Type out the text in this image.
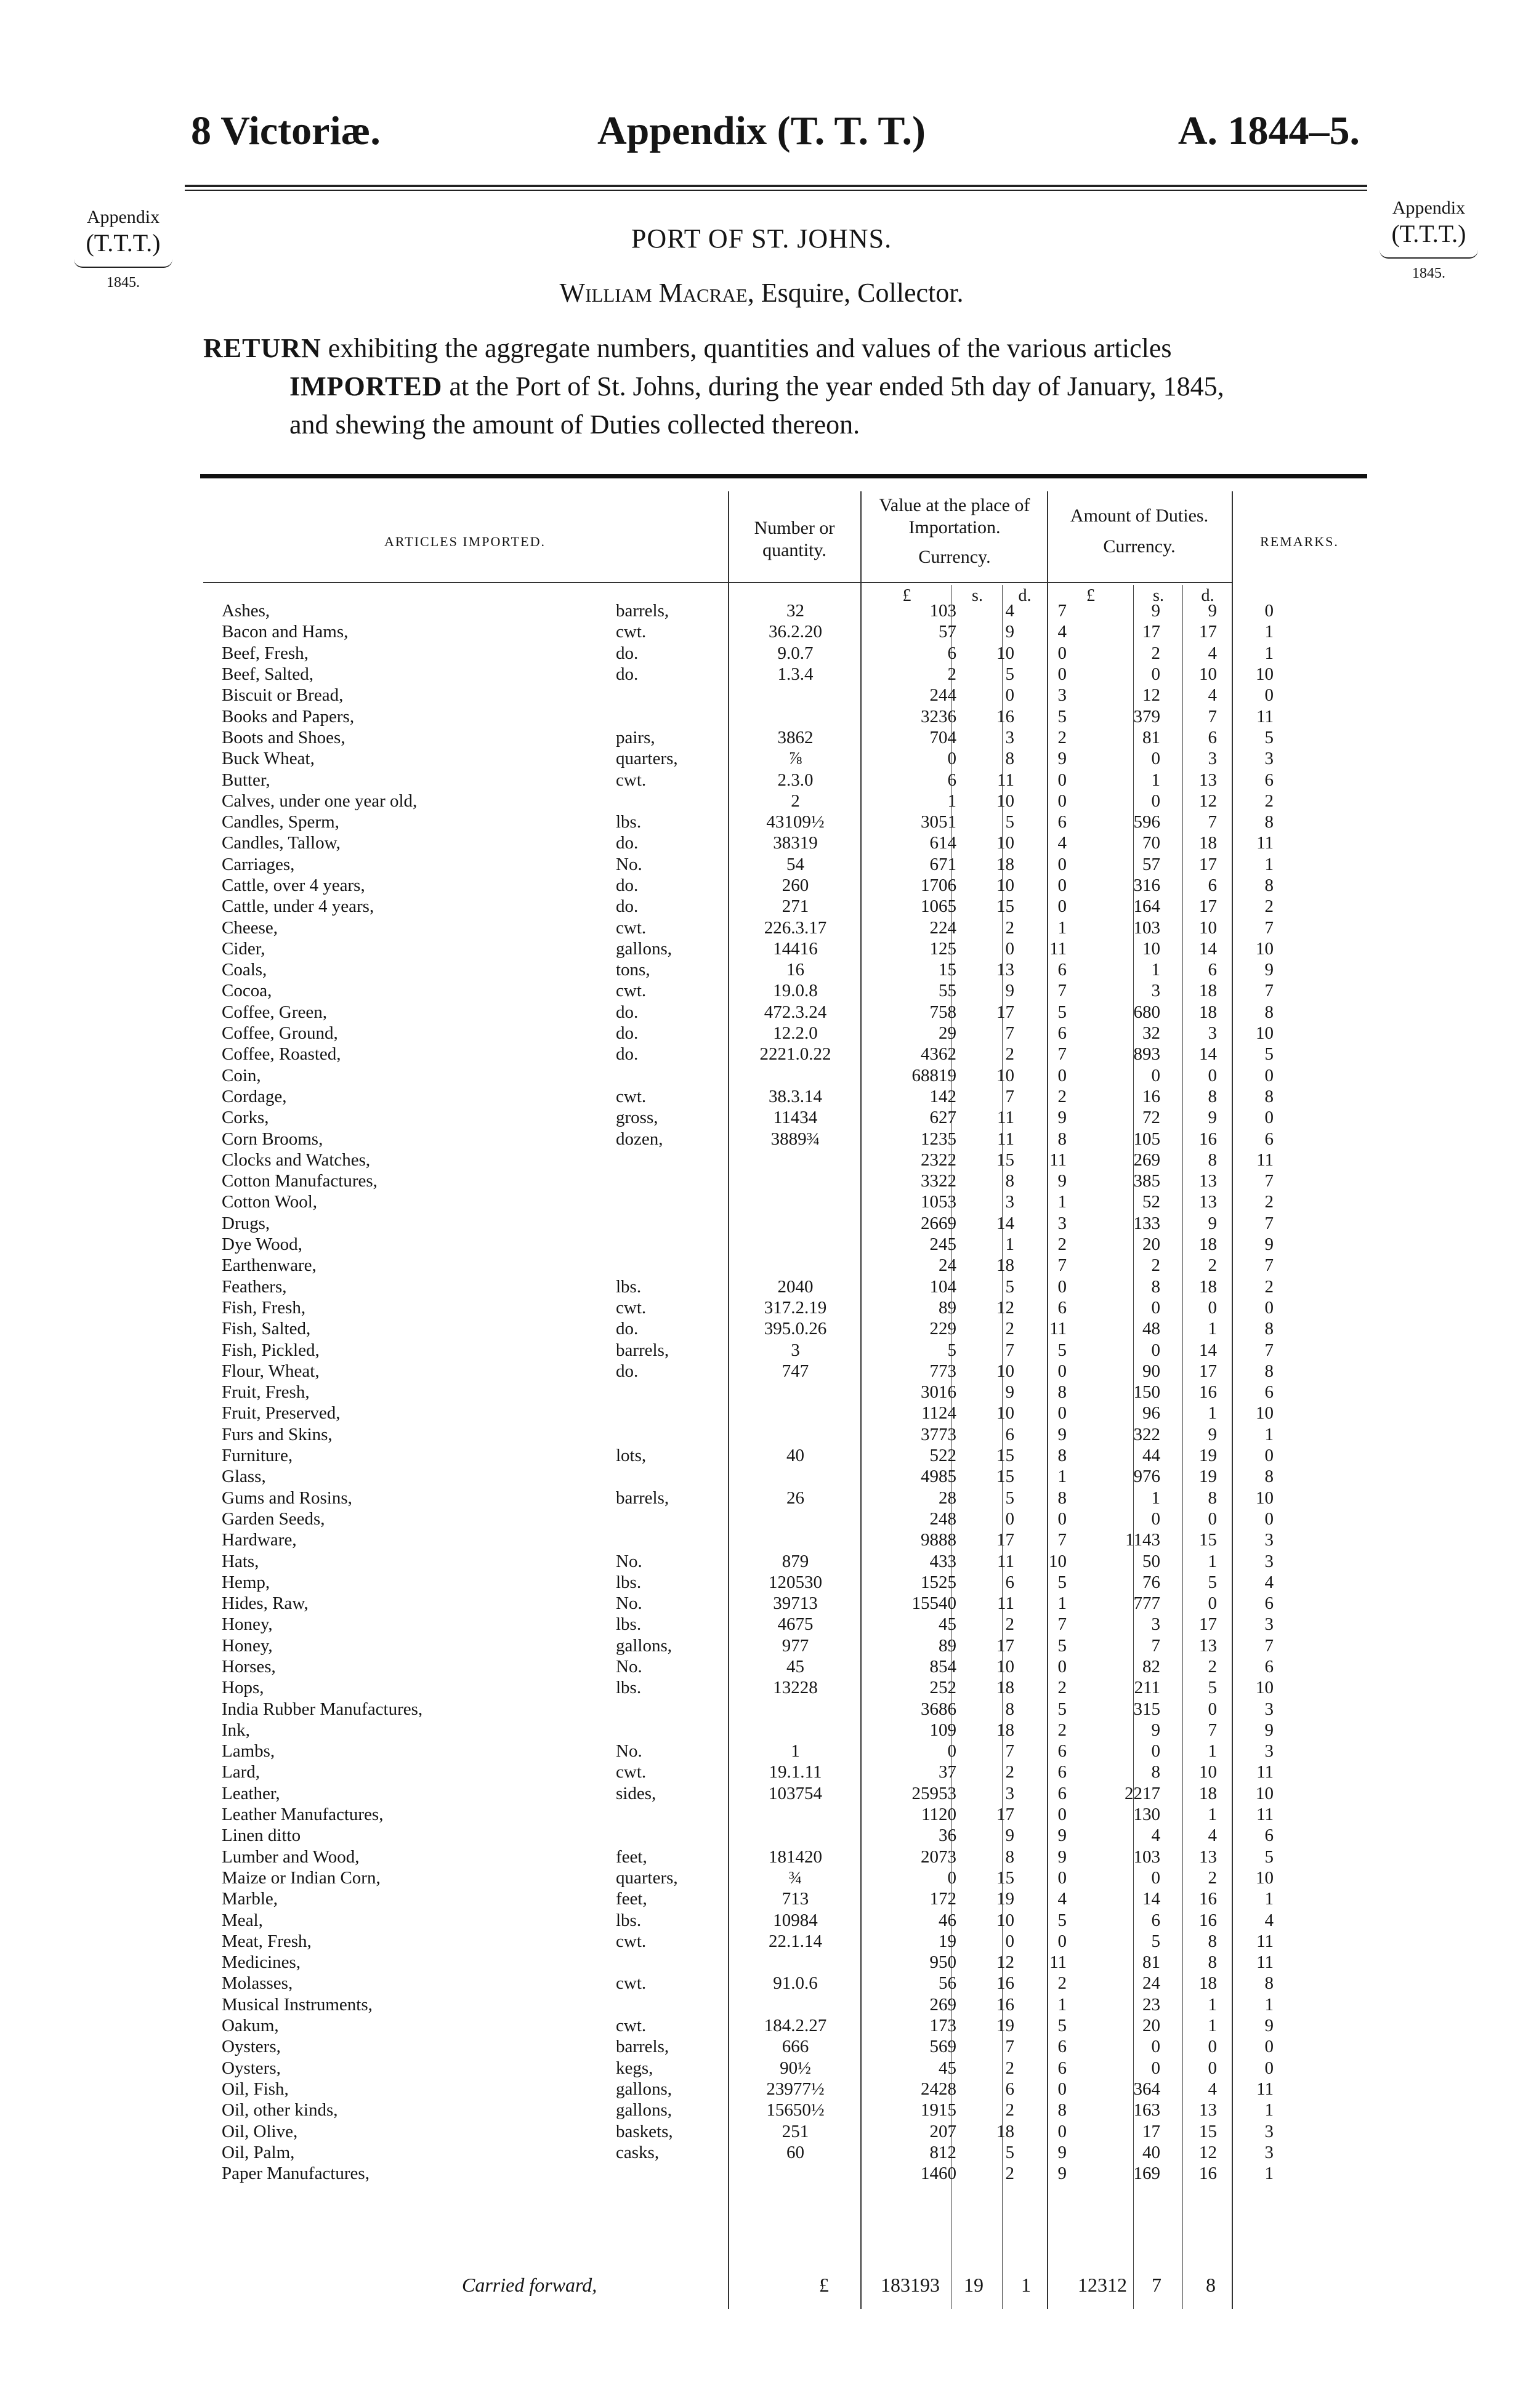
8 Victoriæ.	Appendix (T. T. T.)	A. 1844–5.
Appendix
(T.T.T.)
1845.
Appendix
(T.T.T.)
1845.
PORT OF ST. JOHNS.
William Macrae, Esquire, Collector.
RETURN exhibiting the aggregate numbers, quantities and values of the various articles
IMPORTED at the Port of St. Johns, during the year ended 5th day of January, 1845,
and shewing the amount of Duties collected thereon.
ARTICLES IMPORTED.
Number or quantity.
Value at the place of Importation.
Currency.
Amount of Duties.
Currency.	REMARKS.
£	s.	d.	£	s.	d.
Ashes,	barrels,	32	103	4	7	9	9	0
Bacon and Hams,	cwt.	36.2.20	57	9	4	17	17	1
Beef, Fresh,	do.	9.0.7	6	10	0	2	4	1
Beef, Salted,	do.	1.3.4	2	5	0	0	10	10
Biscuit or Bread,			244	0	3	12	4	0
Books and Papers,			3236	16	5	379	7	11
Boots and Shoes,	pairs,	3862	704	3	2	81	6	5
Buck Wheat,	quarters,	⅞	0	8	9	0	3	3
Butter,	cwt.	2.3.0	6	11	0	1	13	6
Calves, under one year old,		2	1	10	0	0	12	2
Candles, Sperm,	lbs.	43109½	3051	5	6	596	7	8
Candles, Tallow,	do.	38319	614	10	4	70	18	11
Carriages,	No.	54	671	18	0	57	17	1
Cattle, over 4 years,	do.	260	1706	10	0	316	6	8
Cattle, under 4 years,	do.	271	1065	15	0	164	17	2
Cheese,	cwt.	226.3.17	224	2	1	103	10	7
Cider,	gallons,	14416	125	0	11	10	14	10
Coals,	tons,	16	15	13	6	1	6	9
Cocoa,	cwt.	19.0.8	55	9	7	3	18	7
Coffee, Green,	do.	472.3.24	758	17	5	680	18	8
Coffee, Ground,	do.	12.2.0	29	7	6	32	3	10
Coffee, Roasted,	do.	2221.0.22	4362	2	7	893	14	5
Coin,			68819	10	0	0	0	0
Cordage,	cwt.	38.3.14	142	7	2	16	8	8
Corks,	gross,	11434	627	11	9	72	9	0
Corn Brooms,	dozen,	3889¾	1235	11	8	105	16	6
Clocks and Watches,			2322	15	11	269	8	11
Cotton Manufactures,			3322	8	9	385	13	7
Cotton Wool,			1053	3	1	52	13	2
Drugs,			2669	14	3	133	9	7
Dye Wood,			245	1	2	20	18	9
Earthenware,			24	18	7	2	2	7
Feathers,	lbs.	2040	104	5	0	8	18	2
Fish, Fresh,	cwt.	317.2.19	89	12	6	0	0	0
Fish, Salted,	do.	395.0.26	229	2	11	48	1	8
Fish, Pickled,	barrels,	3	5	7	5	0	14	7
Flour, Wheat,	do.	747	773	10	0	90	17	8
Fruit, Fresh,			3016	9	8	150	16	6
Fruit, Preserved,			1124	10	0	96	1	10
Furs and Skins,			3773	6	9	322	9	1
Furniture,	lots,	40	522	15	8	44	19	0
Glass,			4985	15	1	976	19	8
Gums and Rosins,	barrels,	26	28	5	8	1	8	10
Garden Seeds,			248	0	0	0	0	0
Hardware,			9888	17	7	1143	15	3
Hats,	No.	879	433	11	10	50	1	3
Hemp,	lbs.	120530	1525	6	5	76	5	4
Hides, Raw,	No.	39713	15540	11	1	777	0	6
Honey,	lbs.	4675	45	2	7	3	17	3
Honey,	gallons,	977	89	17	5	7	13	7
Horses,	No.	45	854	10	0	82	2	6
Hops,	lbs.	13228	252	18	2	211	5	10
India Rubber Manufactures,			3686	8	5	315	0	3
Ink,			109	18	2	9	7	9
Lambs,	No.	1	0	7	6	0	1	3
Lard,	cwt.	19.1.11	37	2	6	8	10	11
Leather,	sides,	103754	25953	3	6	2217	18	10
Leather Manufactures,			1120	17	0	130	1	11
Linen ditto			36	9	9	4	4	6
Lumber and Wood,	feet,	181420	2073	8	9	103	13	5
Maize or Indian Corn,	quarters,	¾	0	15	0	0	2	10
Marble,	feet,	713	172	19	4	14	16	1
Meal,	lbs.	10984	46	10	5	6	16	4
Meat, Fresh,	cwt.	22.1.14	19	0	0	5	8	11
Medicines,			950	12	11	81	8	11
Molasses,	cwt.	91.0.6	56	16	2	24	18	8
Musical Instruments,			269	16	1	23	1	1
Oakum,	cwt.	184.2.27	173	19	5	20	1	9
Oysters,	barrels,	666	569	7	6	0	0	0
Oysters,	kegs,	90½	45	2	6	0	0	0
Oil, Fish,	gallons,	23977½	2428	6	0	364	4	11
Oil, other kinds,	gallons,	15650½	1915	2	8	163	13	1
Oil, Olive,	baskets,	251	207	18	0	17	15	3
Oil, Palm,	casks,	60	812	5	9	40	12	3
Paper Manufactures,			1460	2	9	169	16	1
Carried forward,	£	183193 19 1 12312 7 8
